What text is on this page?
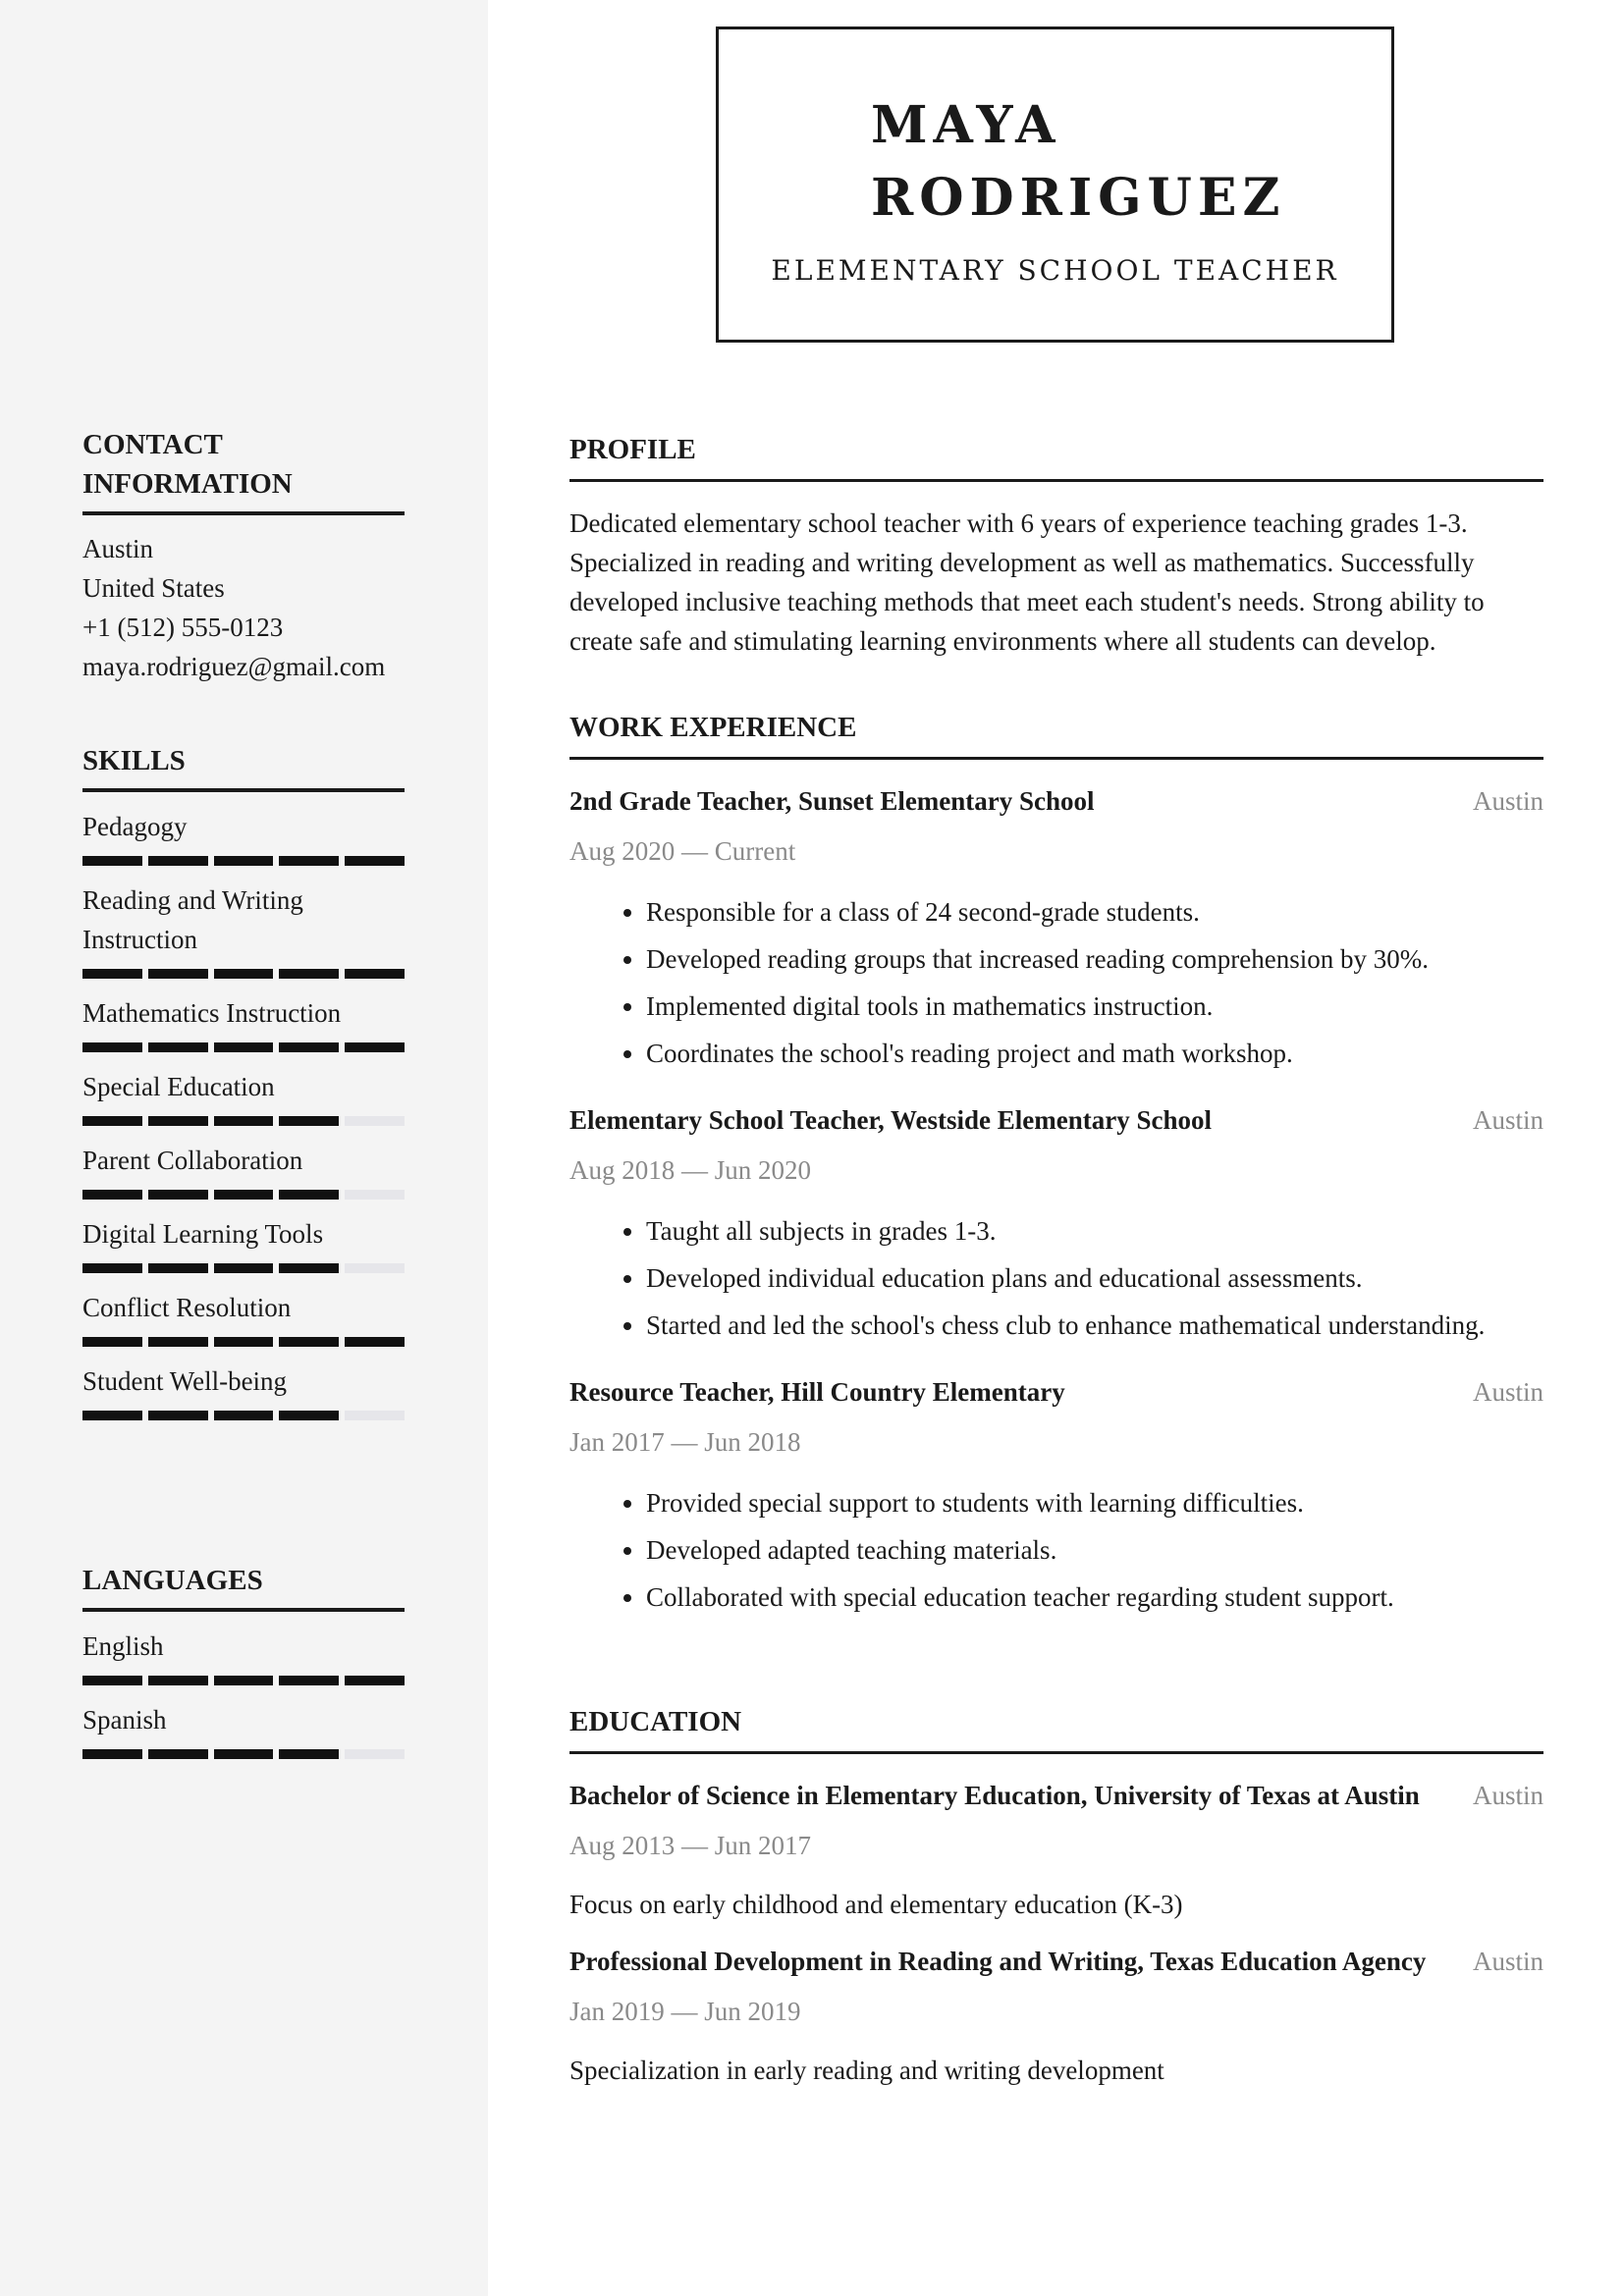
MAYA
RODRIGUEZ
ELEMENTARY SCHOOL TEACHER
CONTACT
INFORMATION
Austin
United States
+1 (512) 555-0123
maya.rodriguez@gmail.com
SKILLS
Pedagogy
Reading and Writing Instruction
Mathematics Instruction
Special Education
Parent Collaboration
Digital Learning Tools
Conflict Resolution
Student Well-being
LANGUAGES
English
Spanish
PROFILE
Dedicated elementary school teacher with 6 years of experience teaching grades 1-3. Specialized in reading and writing development as well as mathematics. Successfully developed inclusive teaching methods that meet each student's needs. Strong ability to create safe and stimulating learning environments where all students can develop.
WORK EXPERIENCE
2nd Grade Teacher, Sunset Elementary School	Austin
Aug 2020 — Current
• Responsible for a class of 24 second-grade students.
• Developed reading groups that increased reading comprehension by 30%.
• Implemented digital tools in mathematics instruction.
• Coordinates the school's reading project and math workshop.
Elementary School Teacher, Westside Elementary School	Austin
Aug 2018 — Jun 2020
• Taught all subjects in grades 1-3.
• Developed individual education plans and educational assessments.
• Started and led the school's chess club to enhance mathematical understanding.
Resource Teacher, Hill Country Elementary	Austin
Jan 2017 — Jun 2018
• Provided special support to students with learning difficulties.
• Developed adapted teaching materials.
• Collaborated with special education teacher regarding student support.
EDUCATION
Bachelor of Science in Elementary Education, University of Texas at Austin Austin
Aug 2013 — Jun 2017
Focus on early childhood and elementary education (K-3)
Professional Development in Reading and Writing, Texas Education Agency Austin
Jan 2019 — Jun 2019
Specialization in early reading and writing development
